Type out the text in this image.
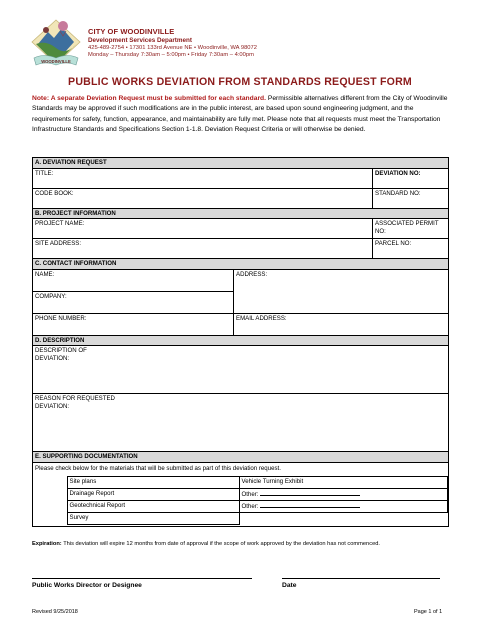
WOODINVILLE
CITY OF WOODINVILLE
Development Services Department
425-489-2754 • 17301 133rd Avenue NE • Woodinville, WA 98072
Monday – Thursday 7:30am – 5:00pm • Friday 7:30am – 4:00pm
PUBLIC WORKS DEVIATION FROM STANDARDS REQUEST FORM
Note: A separate Deviation Request must be submitted for each standard. Permissible alternatives different from the City of Woodinville Standards may be approved if such modifications are in the public interest, are based upon sound engineering judgment, and the requirements for safety, function, appearance, and maintainability are fully met. Please note that all requests must meet the Transportation Infrastructure Standards and Specifications Section 1-1.8. Deviation Request Criteria or will otherwise be denied.
A. DEVIATION REQUEST
TITLE:	DEVIATION NO:
CODE BOOK:	STANDARD NO:
B. PROJECT INFORMATION
PROJECT NAME:	ASSOCIATED PERMIT NO:
SITE ADDRESS:	PARCEL NO:
C. CONTACT INFORMATION
NAME:	ADDRESS:
COMPANY:
PHONE NUMBER:	EMAIL ADDRESS:
D. DESCRIPTION

DESCRIPTION OF DEVIATION:

REASON FOR REQUESTED DEVIATION:

E. SUPPORTING DOCUMENTATION

Please check below for the materials that will be submitted as part of this deviation request.
	Site plans	Vehicle Turning Exhibit
	Drainage Report	Other:
	Geotechnical Report	Other:
	Survey	
Expiration: This deviation will expire 12 months from date of approval if the scope of work approved by the deviation has not commenced.
Public Works Director or Designee	Date
Revised 9/25/2018	Page 1 of 1
